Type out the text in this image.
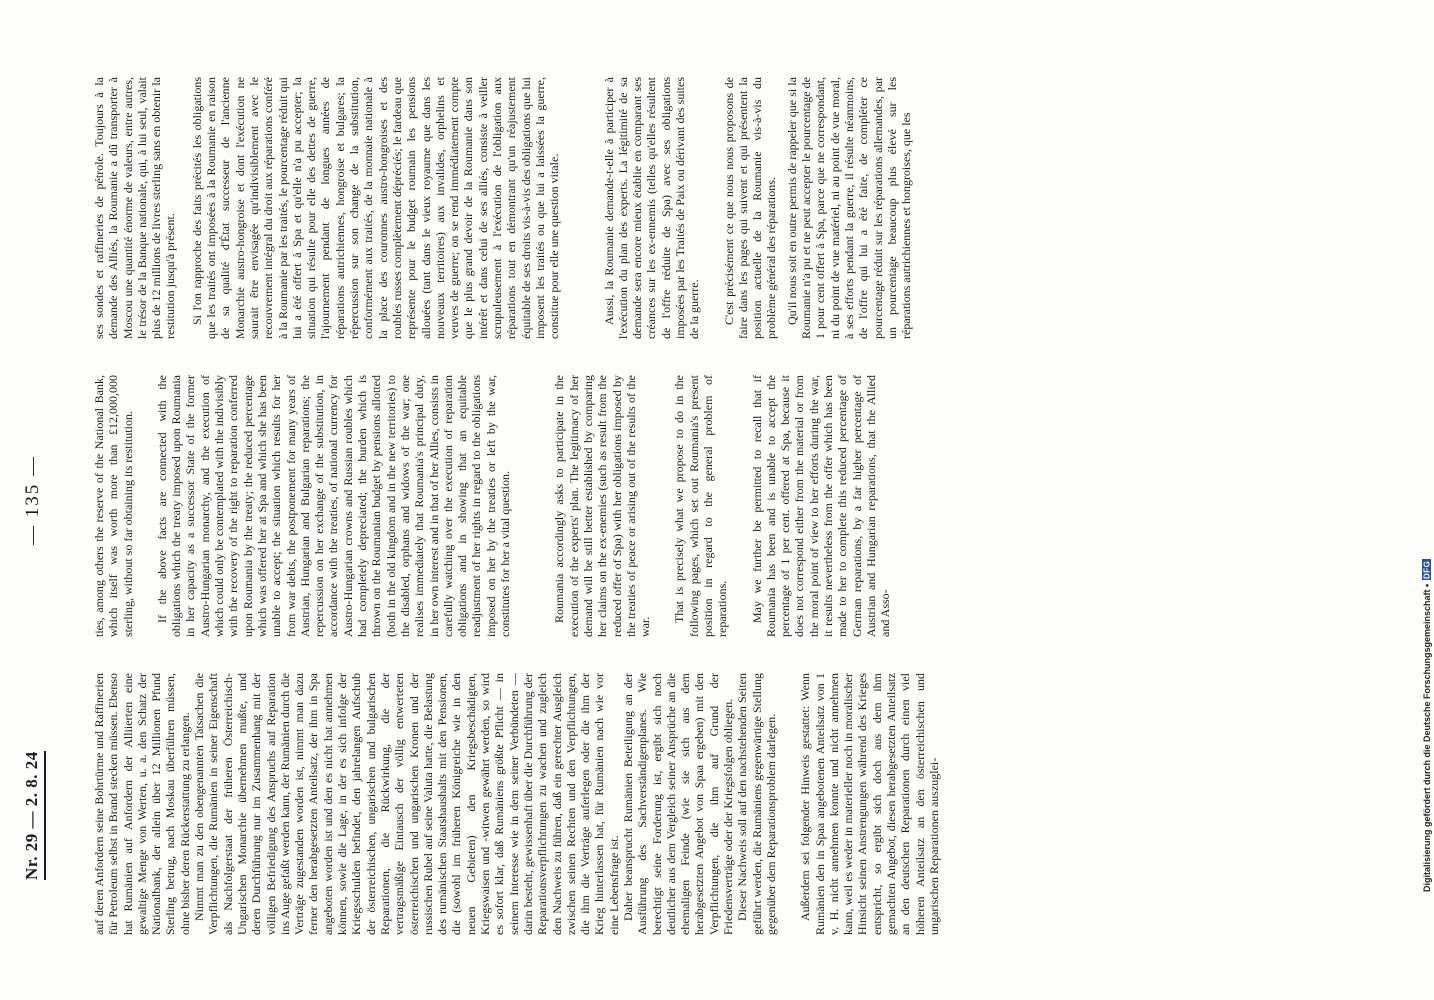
Nr. 29 — 2. 8. 24
— 135 —

auf deren Anfordern seine Bohrtürme und Raffinerien für Petroleum selbst in Brand stecken müssen. Ebenso hat Rumänien auf Anfordern der Alliierten eine gewaltige Menge von Werten, u. a. den Schatz der Nationalbank, der allein über 12 Millionen Pfund Sterling betrug, nach Moskau überführen müssen, ohne bisher deren Rückerstattung zu erlangen. Nimmt man zu den obengenannten Tatsachen die Verpflichtungen, die Rumänien in seiner Eigenschaft als Nachfolgerstaat der früheren Österreichisch-Ungarischen Monarchie übernehmen mußte, und deren Durchführung nur im Zusammenhang mit der völligen Befriedigung des Anspruchs auf Reparation ins Auge gefaßt werden kann, der Rumänien durch die Verträge zugestanden worden ist, nimmt man dazu ferner den herabgesetzten Anteilsatz, der ihm in Spa angeboten worden ist und den es nicht hat annehmen können, sowie die Lage, in der es sich infolge der Kriegsschulden befindet, den jahrelangen Aufschub der österreichischen, ungarischen und bulgarischen Reparationen, die Rückwirkung, die der vertragsmäßige Eintausch der völlig entwerteten österreichischen und ungarischen Kronen und der russischen Rubel auf seine Valuta hatte, die Belastung des rumänischen Staatshaushalts mit den Pensionen, die (sowohl im früheren Königreiche wie in den neuen Gebieten) den Kriegsbeschädigten, Kriegswaisen und -witwen gewährt werden, so wird es sofort klar, daß Rumäniens größte Pflicht — in seinem Interesse wie in dem seiner Verbündeten — darin besteht, gewissenhaft über die Durchführung der Reparationsverpflichtungen zu wachen und zugleich den Nachweis zu führen, daß ein gerechter Ausgleich zwischen seinen Rechten und den Verpflichtungen, die ihm die Verträge auferlegen oder die ihm der Krieg hinterlassen hat, für Rumänien nach wie vor eine Lebensfrage ist. Daher beansprucht Rumänien Beteiligung an der Ausführung des Sachverständigenplanes. Wie berechtigt seine Forderung ist, ergibt sich noch deutlicher aus dem Vergleich seiner Ansprüche an die ehemaligen Feinde (wie sie sich aus dem herabgesetzten Angebot von Spaa ergeben) mit den Verpflichtungen, die ihm auf Grund der Friedensverträge oder der Kriegsfolgen obliegen. Dieser Nachweis soll auf den nachstehenden Seiten geführt werden, die Rumäniens gegenwärtige Stellung gegenüber dem Reparationsproblem darlegen. Außerdem sei folgender Hinweis gestattet: Wenn Rumänien den in Spaa angebotenen Anteilsatz von 1 v. H. nicht annehmen konnte und nicht annehmen kann, weil es weder in materieller noch in moralischer Hinsicht seinen Anstrengungen während des Krieges entspricht, so ergibt sich doch aus dem ihm gemachten Angebot, diesen herabgesetzten Anteilsatz an den deutschen Reparationen durch einen viel höheren Anteilsatz an den österreichischen und ungarischen Reparationen auszuglei-

ties, among others the reserve of the National Bank, which itself was worth more than £12,000,000 sterling, without so far obtaining its restitution. If the above facts are connected with the obligations which the treaty imposed upon Roumania in her capacity as a successor State of the former Austro-Hungarian monarchy, and the execution of which could only be contemplated with the indivisibly with the recovery of the right to reparation conferred upon Roumania by the treaty; the reduced percentage which was offered her at Spa and which she has been unable to accept; the situation which results for her from war debts, the postponement for many years of Austrian, Hungarian and Bulgarian reparations; the repercussion on her exchange of the substitution, in accordance with the treaties, of national currency for Austro-Hungarian crowns and Russian roubles which had completely depreciated; the burden which is thrown on the Roumanian budget by pensions allotted (both in the old kingdom and in the new territories) to the disabled, orphans and widows of the war; one realises immediately that Roumania's principal duty, in her own interest and in that of her Allies, consists in carefully watching over the execution of reparation obligations and in showing that an equitable readjustment of her rights in regard to the obligations imposed on her by the treaties or left by the war, constitutes for her a vital question.	Roumania accordingly asks to participate in the execution of the experts' plan. The legitimacy of her demand will be still better established by comparing her claims on the ex-enemies (such as result from the reduced offer of Spa) with her obligations imposed by the treaties of peace or arising out of the results of the war.

That is precisely what we propose to do in the following pages, which set out Roumania's present position in regard to the general problem of reparations. May we further be permitted to recall that if Roumania has been and is unable to accept the percentage of 1 per cent. offered at Spa, because it does not correspond either from the material or from the moral point of view to her efforts during the war, it results nevertheless from the offer which has been made to her to complete this reduced percentage of German reparations, by a far higher percentage of Austrian and Hungarian reparations, that the Allied and Asso-

ses sondes et raffineries de pétrole. Toujours à la demande des Alliés, la Roumanie a dû transporter à Moscou une quantité énorme de valeurs, entre autres, le trésor de la Banque nationale, qui, à lui seul, valait plus de 12 millions de livres sterling sans en obtenir la restitution jusqu'à présent. Si l'on rapproche des faits précités les obligations que les traités ont imposées à la Roumanie en raison de sa qualité d'État successeur de l'ancienne Monarchie austro-hongroise et dont l'exécution ne saurait être envisagée qu'indivisiblement avec le recouvrement intégral du droit aux réparations conféré à la Roumanie par les traités, le pourcentage réduit qui lui a été offert à Spa et qu'elle n'a pu accepter; la situation qui résulte pour elle des dettes de guerre, l'ajournement pendant de longues années de réparations autrichiennes, hongroise et bulgares; la répercussion sur son change de la substitution, conformément aux traités, de la monnaie nationale à la place des couronnes austro-hongroises et des roubles russes complètement dépréciés; le fardeau que représente pour le budget roumain les pensions allouées (tant dans le vieux royaume que dans les nouveaux territoires) aux invalides, orphelins et veuves de guerre; on se rend immédiatement compte que le plus grand devoir de la Roumanie dans son intérêt et dans celui de ses alliés, consiste à veiller scrupuleusement à l'exécution de l'obligation aux réparations tout en démontrant qu'un réajustement équitable de ses droits vis-à-vis des obligations que lui imposent les traités ou que lui a laissées la guerre, constitue pour elle une question vitale.	Aussi, la Roumanie demande-t-elle à participer à l'exécution du plan des experts. La légitimité de sa demande sera encore mieux établie en comparant ses créances sur les ex-ennemis (telles qu'elles résultent de l'offre réduite de Spa) avec ses obligations imposées par les Traités de Paix ou dérivant des suites de la guerre. C'est précisément ce que nous nous proposons de faire dans les pages qui suivent et qui présentent la position actuelle de la Roumanie vis-à-vis du problème général des réparations. Qu'il nous soit en outre permis de rappeler que si la Roumanie n'a pu et ne peut accepter le pourcentage de 1 pour cent offert à Spa, parce que ne correspondant, ni du point de vue matériel, ni au point de vue moral, à ses efforts pendant la guerre, il résulte néanmoins, de l'offre qui lui a été faite, de compléter ce pourcentage réduit sur les réparations allemandes, par un pourcentage beaucoup plus élevé sur les réparations autrichiennes et hongroises, que les

Digitalisierung gefördert durch die Deutsche Forschungsgemeinschaft •
DFG
